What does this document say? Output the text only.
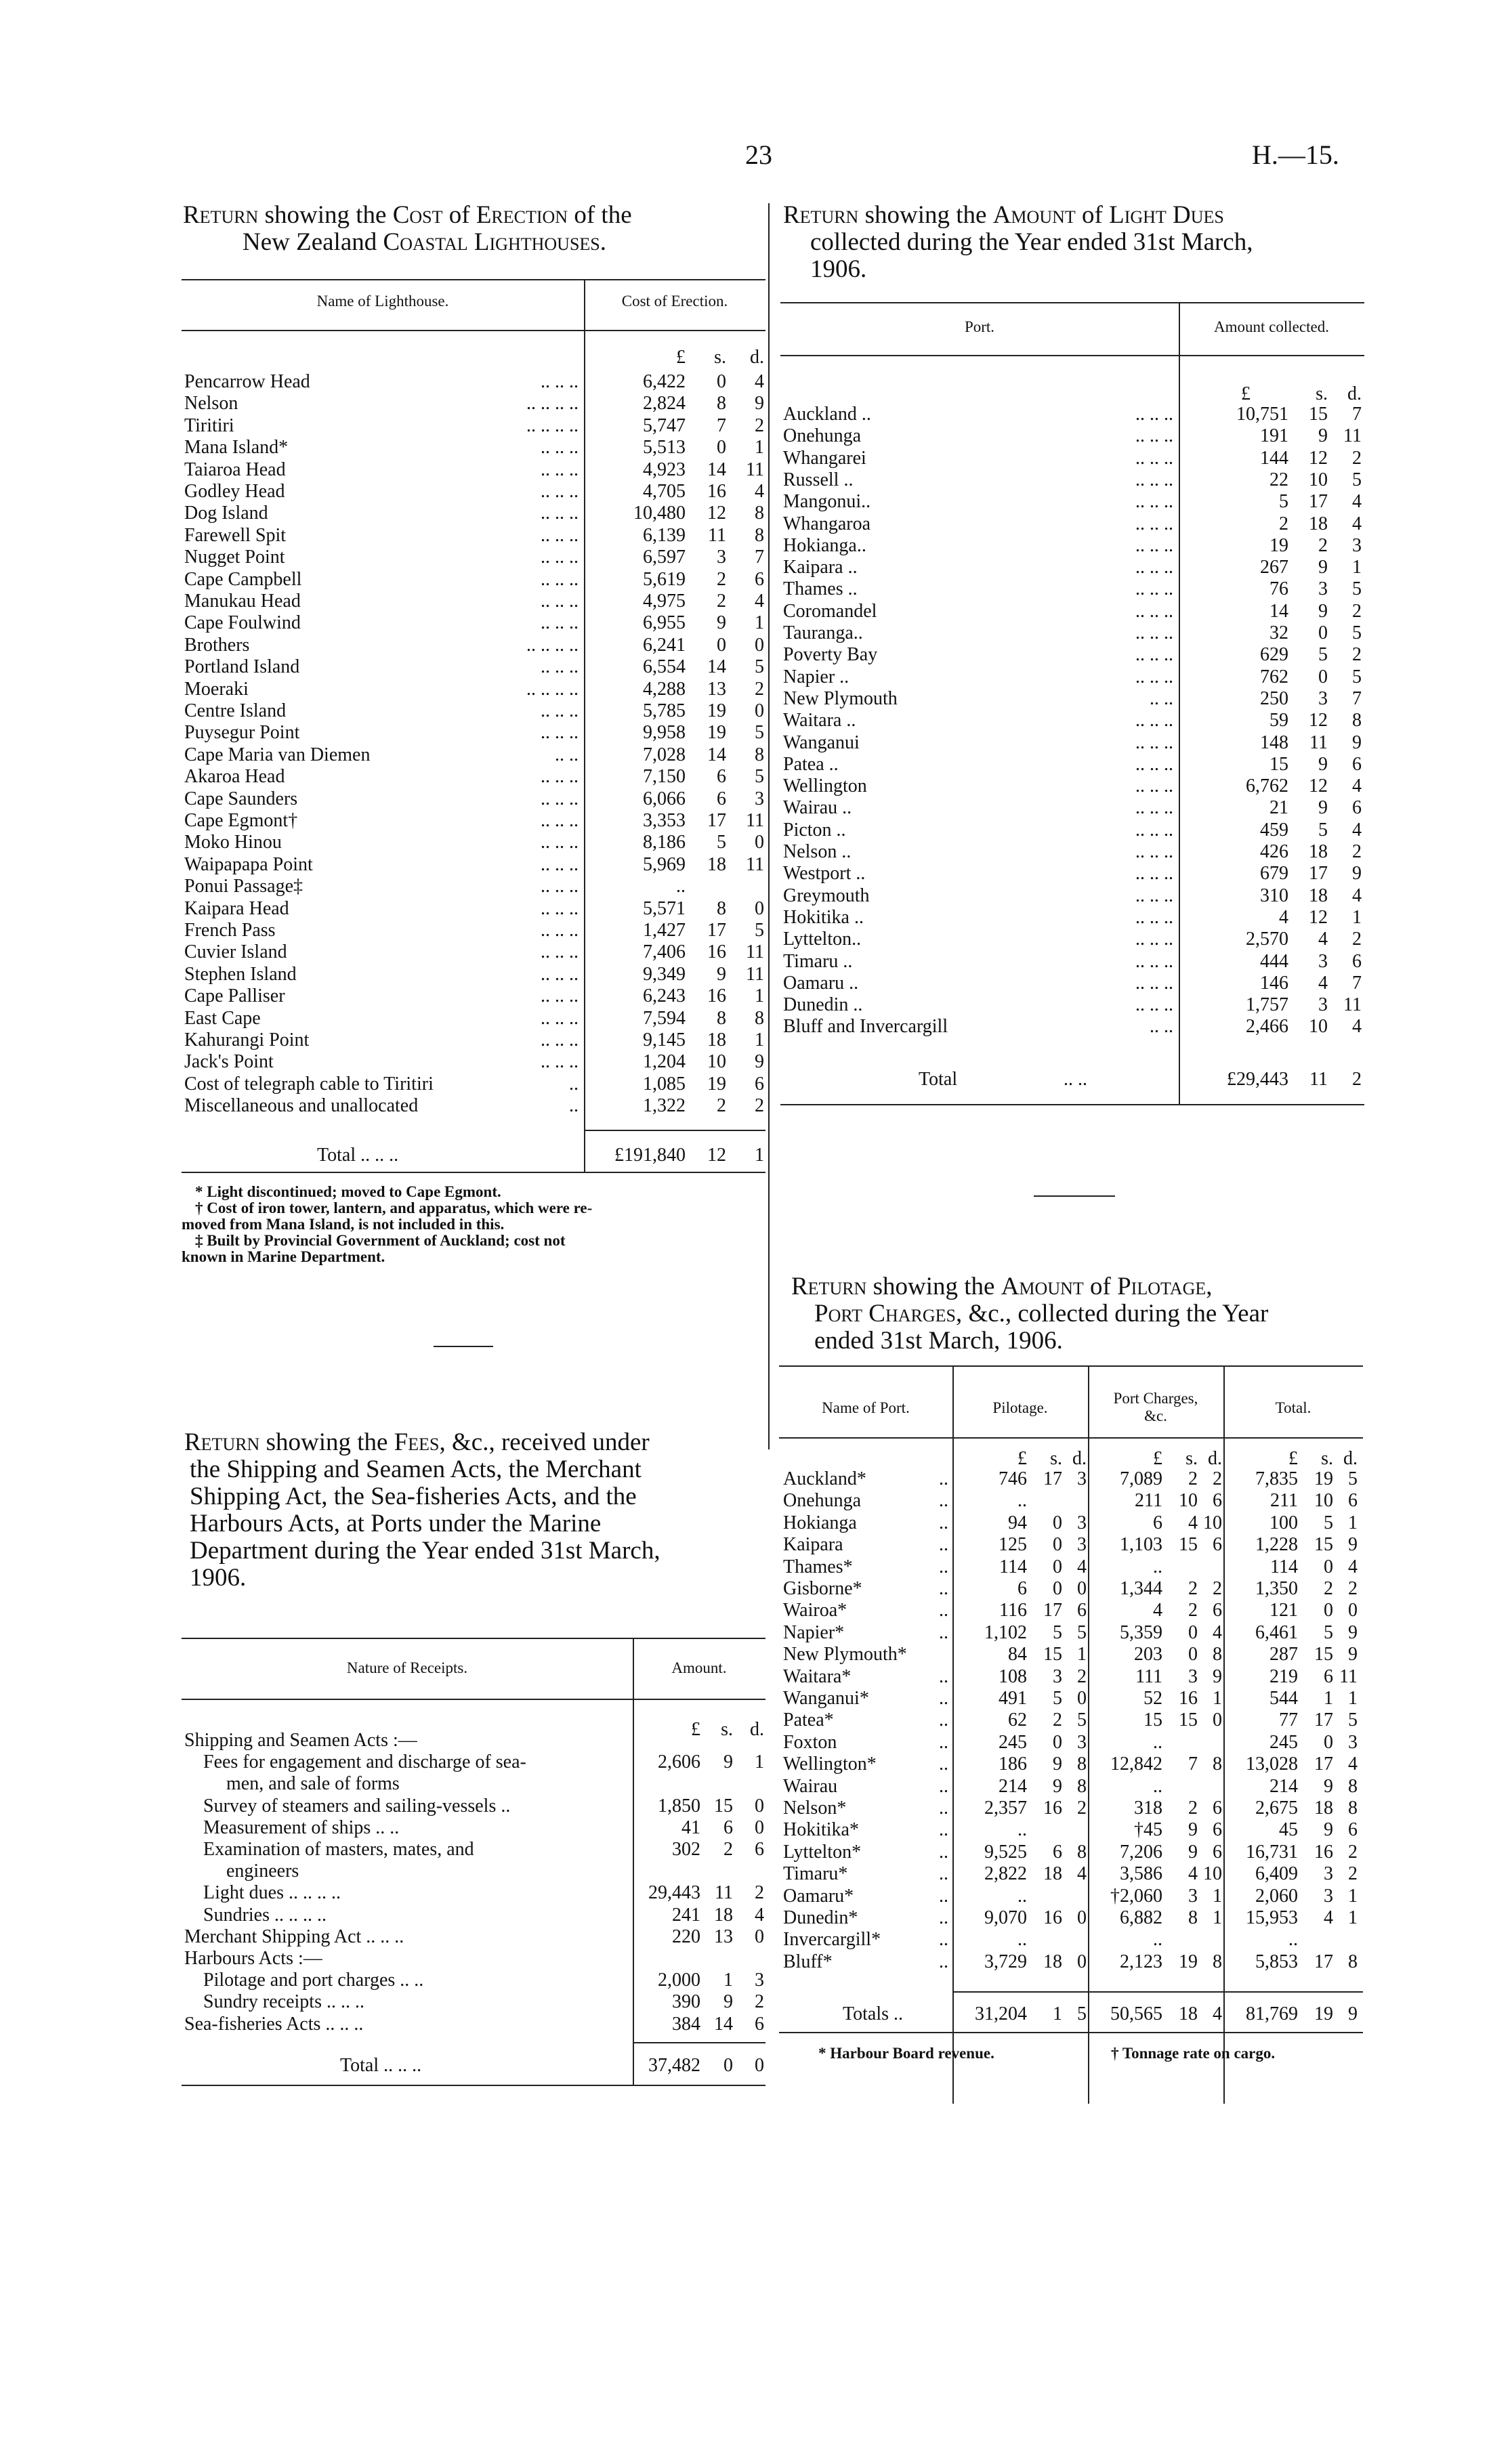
23	H.—15.
Return showing the Cost of Erection of the
New Zealand Coastal Lighthouses.
Name of Lighthouse.	Cost of Erection.
£	s.	d.
Pencarrow Head	.. .. ..	6,422	0	4
Nelson	.. .. .. ..	2,824	8	9
Tiritiri	.. .. .. ..	5,747	7	2
Mana Island*	.. .. ..	5,513	0	1
Taiaroa Head	.. .. ..	4,923	14	11
Godley Head	.. .. ..	4,705	16	4
Dog Island	.. .. ..	10,480	12	8
Farewell Spit	.. .. ..	6,139	11	8
Nugget Point	.. .. ..	6,597	3	7
Cape Campbell	.. .. ..	5,619	2	6
Manukau Head	.. .. ..	4,975	2	4
Cape Foulwind	.. .. ..	6,955	9	1
Brothers	.. .. .. ..	6,241	0	0
Portland Island	.. .. ..	6,554	14	5
Moeraki	.. .. .. ..	4,288	13	2
Centre Island	.. .. ..	5,785	19	0
Puysegur Point	.. .. ..	9,958	19	5
Cape Maria van Diemen	.. ..	7,028	14	8
Akaroa Head	.. .. ..	7,150	6	5
Cape Saunders	.. .. ..	6,066	6	3
Cape Egmont†	.. .. ..	3,353	17	11
Moko Hinou	.. .. ..	8,186	5	0
Waipapapa Point	.. .. ..	5,969	18	11
Ponui Passage‡	.. .. ..	..
Kaipara Head	.. .. ..	5,571	8	0
French Pass	.. .. ..	1,427	17	5
Cuvier Island	.. .. ..	7,406	16	11
Stephen Island	.. .. ..	9,349	9	11
Cape Palliser	.. .. ..	6,243	16	1
East Cape	.. .. ..	7,594	8	8
Kahurangi Point	.. .. ..	9,145	18	1
Jack's Point	.. .. ..	1,204	10	9
Cost of telegraph cable to Tiritiri	..	1,085	19	6
Miscellaneous and unallocated	..	1,322	2	2
Total .. .. ..	£191,840	12	1
* Light discontinued; moved to Cape Egmont.
† Cost of iron tower, lantern, and apparatus, which were re-
moved from Mana Island, is not included in this.
‡ Built by Provincial Government of Auckland; cost not
known in Marine Department.
Return showing the Fees, &c., received under
the Shipping and Seamen Acts, the Merchant
Shipping Act, the Sea-fisheries Acts, and the
Harbours Acts, at Ports under the Marine
Department during the Year ended 31st March,
1906.
Nature of Receipts.	Amount.
£	s. d.
Shipping and Seamen Acts :—
Fees for engagement and discharge of sea-	2,606	9	1
men, and sale of forms
Survey of steamers and sailing-vessels ..	1,850 15	0
Measurement of ships .. ..	41	6	0
Examination of masters, mates, and	302	2	6
engineers
Light dues .. .. .. ..	29,443 11	2
Sundries .. .. .. ..	241 18	4
Merchant Shipping Act .. .. ..	220 13	0
Harbours Acts :—
Pilotage and port charges .. ..	2,000	1	3
Sundry receipts .. .. ..	390	9	2
Sea-fisheries Acts .. .. ..	384 14	6
Total .. .. ..	37,482	0	0
Return showing the Amount of Light Dues
collected during the Year ended 31st March,
1906.
Port.	Amount collected.
£	s.	d.
Auckland ..	.. .. ..	10,751	15	7
Onehunga	.. .. ..	191	9 11
Whangarei	.. .. ..	144	12	2
Russell ..	.. .. ..	22	10	5
Mangonui..	.. .. ..	5	17	4
Whangaroa	.. .. ..	2	18	4
Hokianga..	.. .. ..	19	2	3
Kaipara ..	.. .. ..	267	9	1
Thames ..	.. .. ..	76	3	5
Coromandel	.. .. ..	14	9	2
Tauranga..	.. .. ..	32	0	5
Poverty Bay	.. .. ..	629	5	2
Napier ..	.. .. ..	762	0	5
New Plymouth	.. ..	250	3	7
Waitara ..	.. .. ..	59	12	8
Wanganui	.. .. ..	148	11	9
Patea ..	.. .. ..	15	9	6
Wellington	.. .. ..	6,762	12	4
Wairau ..	.. .. ..	21	9	6
Picton ..	.. .. ..	459	5	4
Nelson ..	.. .. ..	426	18	2
Westport ..	.. .. ..	679	17	9
Greymouth	.. .. ..	310	18	4
Hokitika ..	.. .. ..	4	12	1
Lyttelton..	.. .. ..	2,570	4	2
Timaru ..	.. .. ..	444	3	6
Oamaru ..	.. .. ..	146	4	7
Dunedin ..	.. .. ..	1,757	3 11
Bluff and Invercargill	.. ..	2,466	10	4
Total	.. ..	£29,443	11	2
Return showing the Amount of Pilotage,
Port Charges, &c., collected during the Year
ended 31st March, 1906.
Name of Port.	Pilotage.
Port Charges,
&c.	Total.
£	s. d.	£	s. d.	£	s. d.
Auckland*	..	746 17 3	7,089	2 2	7,835 19 5
Onehunga	..	..	211 10 6	211 10 6
Hokianga	..	94	0 3	6	4 10	100	5 1
Kaipara	..	125	0 3	1,103 15 6	1,228 15 9
Thames*	..	114	0 4	..	114	0 4
Gisborne*	..	6	0 0	1,344	2 2	1,350	2 2
Wairoa*	..	116 17 6	4	2 6	121	0 0
Napier*	..	1,102	5 5	5,359	0 4	6,461	5 9
New Plymouth*	84 15 1	203	0 8	287 15 9
Waitara*	..	108	3 2	111	3 9	219	6 11
Wanganui*	..	491	5 0	52 16 1	544	1 1
Patea*	..	62	2 5	15 15 0	77 17 5
Foxton	..	245	0 3	..	245	0 3
Wellington*	..	186	9 8	12,842	7 8	13,028 17 4
Wairau	..	214	9 8	..	214	9 8
Nelson*	..	2,357 16 2	318	2 6	2,675 18 8
Hokitika*	..	..	†45	9 6	45	9 6
Lyttelton*	..	9,525	6 8	7,206	9 6	16,731 16 2
Timaru*	..	2,822 18 4	3,586	4 10	6,409	3 2
Oamaru*	..	..	†2,060	3 1	2,060	3 1
Dunedin*	..	9,070 16 0	6,882	8 1	15,953	4 1
Invercargill*	..	..	..	..
Bluff*	..	3,729 18 0	2,123 19 8	5,853 17 8
Totals ..	31,204	1 5	50,565 18 4	81,769 19 9
* Harbour Board revenue.	† Tonnage rate on cargo.
